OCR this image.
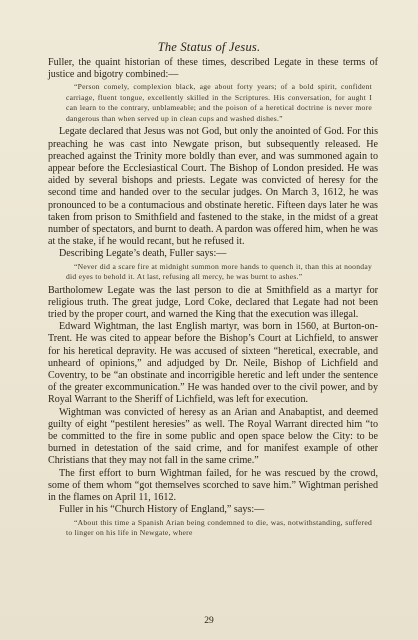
The Status of Jesus.

Fuller, the quaint historian of these times, described Legate in these terms of justice and bigotry combined:—

“Person comely, complexion black, age about forty years; of a bold spirit, confident carriage, fluent tongue, excellently skilled in the Scriptures. His conversation, for aught I can learn to the contrary, unblameable; and the poison of a heretical doctrine is never more dangerous than when served up in clean cups and washed dishes.”

Legate declared that Jesus was not God, but only the anointed of God. For this preaching he was cast into Newgate prison, but subsequently released. He preached against the Trinity more boldly than ever, and was summoned again to appear before the Ecclesiastical Court. The Bishop of London presided. He was aided by several bishops and priests. Legate was convicted of heresy for the second time and handed over to the secular judges. On March 3, 1612, he was pronounced to be a contumacious and obstinate heretic. Fifteen days later he was taken from prison to Smithfield and fastened to the stake, in the midst of a great number of spectators, and burnt to death. A pardon was offered him, when he was at the stake, if he would recant, but he refused it.

Describing Legate’s death, Fuller says:—

“Never did a scare fire at midnight summon more hands to quench it, than this at noonday did eyes to behold it. At last, refusing all mercy, he was burnt to ashes.”

Bartholomew Legate was the last person to die at Smithfield as a martyr for religious truth. The great judge, Lord Coke, declared that Legate had not been tried by the proper court, and warned the King that the execution was illegal.

Edward Wightman, the last English martyr, was born in 1560, at Burton-on-Trent. He was cited to appear before the Bishop’s Court at Lichfield, to answer for his heretical depravity. He was accused of sixteen “heretical, execrable, and unheard of opinions,” and adjudged by Dr. Neile, Bishop of Lichfield and Coventry, to be “an obstinate and incorrigible heretic and left under the sentence of the greater excommunication.” He was handed over to the civil power, and by Royal Warrant to the Sheriff of Lichfield, was left for execution.

Wightman was convicted of heresy as an Arian and Anabaptist, and deemed guilty of eight “pestilent heresies” as well. The Royal Warrant directed him “to be committed to the fire in some public and open space below the City: to be burned in detestation of the said crime, and for manifest example of other Christians that they may not fall in the same crime.”

The first effort to burn Wightman failed, for he was rescued by the crowd, some of them whom “got themselves scorched to save him.” Wightman perished in the flames on April 11, 1612.

Fuller in his “Church History of England,” says:—

“About this time a Spanish Arian being condemned to die, was, notwithstanding, suffered to linger on his life in Newgate, where
29
